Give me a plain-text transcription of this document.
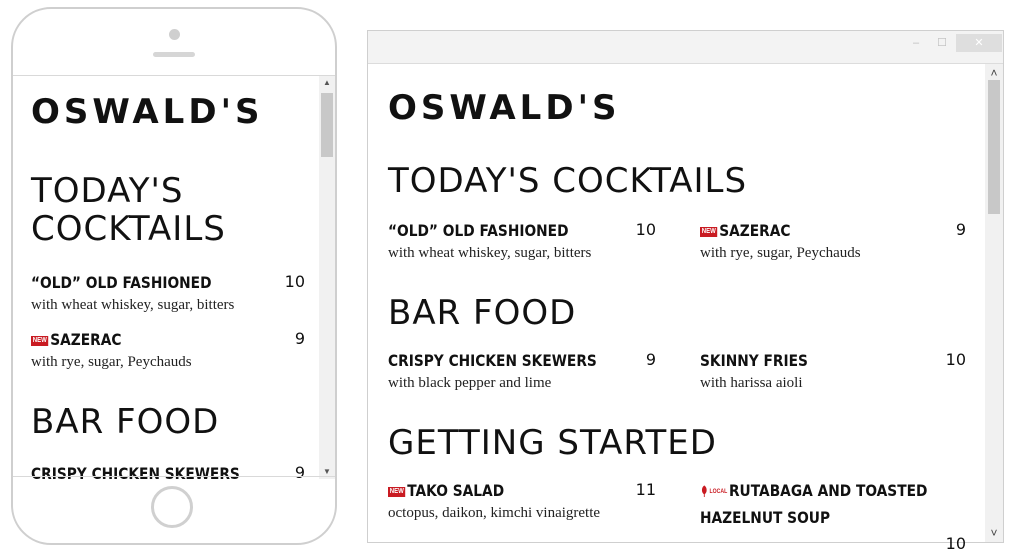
OSWALD'S
TODAY'S
COCKTAILS
“OLD” OLD FASHIONED	10
with wheat whiskey, sugar, bitters
NEW SAZERAC	9
with rye, sugar, Peychauds
BAR FOOD
CRISPY CHICKEN SKEWERS	9
▲
▼
–	☐	✕
OSWALD'S
TODAY'S COCKTAILS
“OLD” OLD FASHIONED	10
with wheat whiskey, sugar, bitters
NEW SAZERAC	9
with rye, sugar, Peychauds
BAR FOOD
CRISPY CHICKEN SKEWERS	9
with black pepper and lime
SKINNY FRIES	10
with harissa aioli
GETTING STARTED
NEW TAKO SALAD	11
octopus, daikon, kimchi vinaigrette
LOCAL RUTABAGA AND TOASTED
HAZELNUT SOUP
10
˄
˅
